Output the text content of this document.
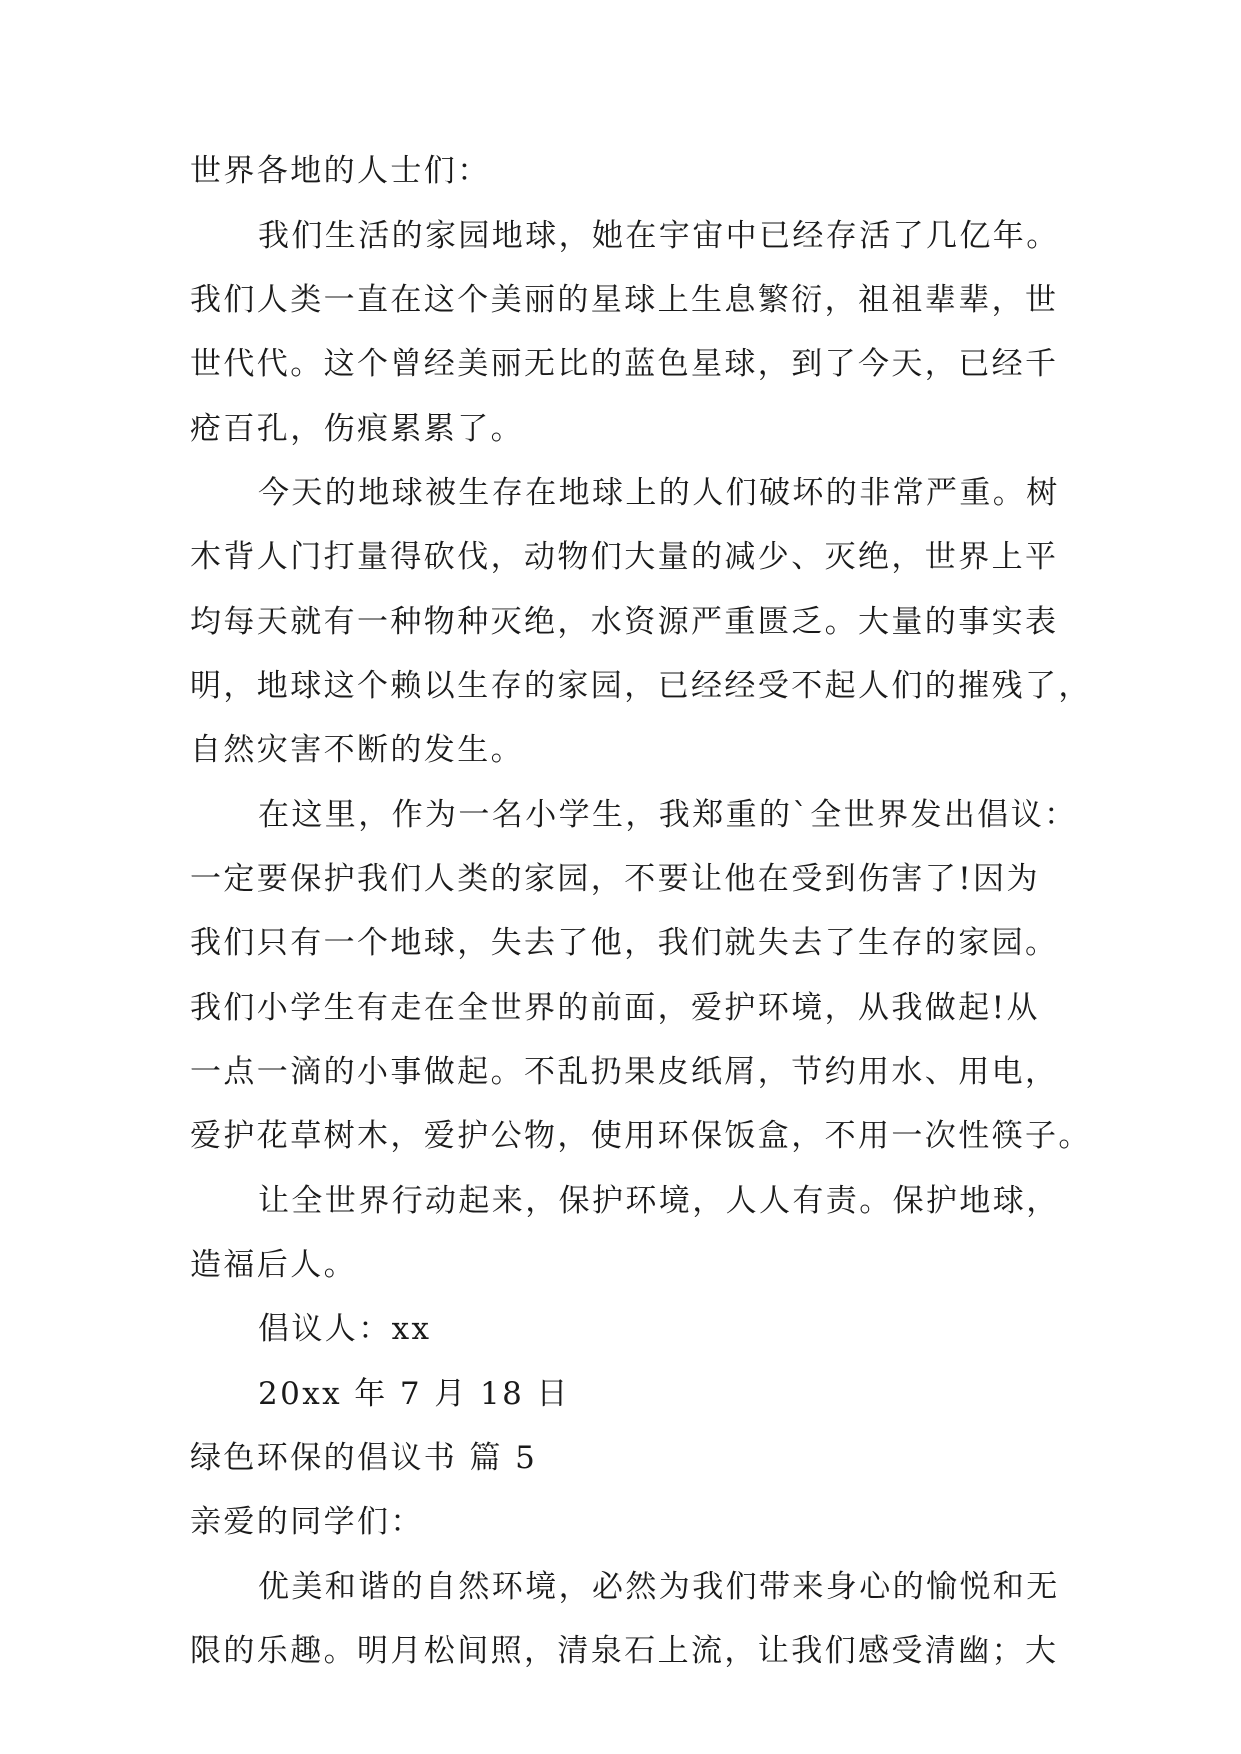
世界各地的人士们：
我们生活的家园地球，她在宇宙中已经存活了几亿年。
我们人类一直在这个美丽的星球上生息繁衍，祖祖辈辈，世
世代代。这个曾经美丽无比的蓝色星球，到了今天，已经千
疮百孔，伤痕累累了。
今天的地球被生存在地球上的人们破坏的非常严重。树
木背人门打量得砍伐，动物们大量的减少、灭绝，世界上平
均每天就有一种物种灭绝，水资源严重匮乏。大量的事实表
明，地球这个赖以生存的家园，已经经受不起人们的摧残了，
自然灾害不断的发生。
在这里，作为一名小学生，我郑重的`全世界发出倡议：
一定要保护我们人类的家园，不要让他在受到伤害了!因为
我们只有一个地球，失去了他，我们就失去了生存的家园。
我们小学生有走在全世界的前面，爱护环境，从我做起!从
一点一滴的小事做起。不乱扔果皮纸屑，节约用水、用电，
爱护花草树木，爱护公物，使用环保饭盒，不用一次性筷子。
让全世界行动起来，保护环境，人人有责。保护地球，
造福后人。
倡议人：xx
20xx 年 7 月 18 日
绿色环保的倡议书 篇 5
亲爱的同学们：
优美和谐的自然环境，必然为我们带来身心的愉悦和无
限的乐趣。明月松间照，清泉石上流，让我们感受清幽；大
